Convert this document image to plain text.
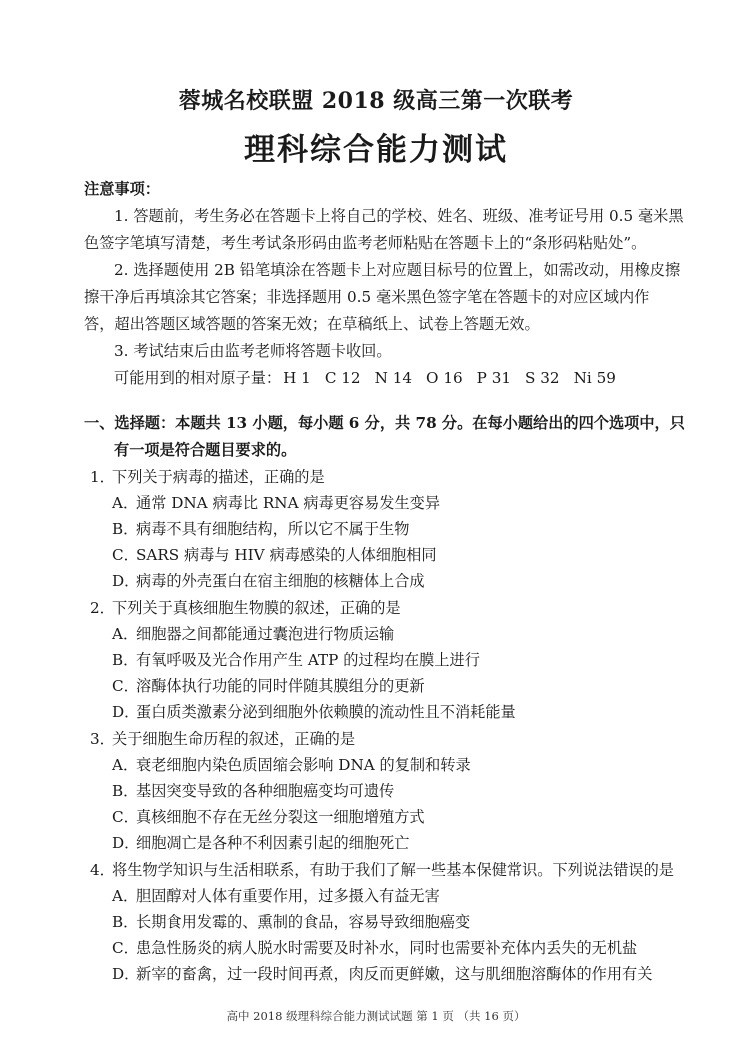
蓉城名校联盟 2018 级高三第一次联考
理科综合能力测试
注意事项：
1. 答题前，考生务必在答题卡上将自己的学校、姓名、班级、准考证号用 0.5 毫米黑
色签字笔填写清楚，考生考试条形码由监考老师粘贴在答题卡上的“条形码粘贴处”。
2. 选择题使用 2B 铅笔填涂在答题卡上对应题目标号的位置上，如需改动，用橡皮擦
擦干净后再填涂其它答案；非选择题用 0.5 毫米黑色签字笔在答题卡的对应区域内作
答，超出答题区域答题的答案无效；在草稿纸上、试卷上答题无效。
3. 考试结束后由监考老师将答题卡收回。
可能用到的相对原子量： H 1 C 12 N 14 O 16 P 31 S 32 Ni 59
一、选择题：本题共 13 小题，每小题 6 分，共 78 分。在每小题给出的四个选项中，只
有一项是符合题目要求的。
1．下列关于病毒的描述，正确的是
A．通常 DNA 病毒比 RNA 病毒更容易发生变异
B．病毒不具有细胞结构，所以它不属于生物
C．SARS 病毒与 HIV 病毒感染的人体细胞相同
D．病毒的外壳蛋白在宿主细胞的核糖体上合成
2．下列关于真核细胞生物膜的叙述，正确的是
A．细胞器之间都能通过囊泡进行物质运输
B．有氧呼吸及光合作用产生 ATP 的过程均在膜上进行
C．溶酶体执行功能的同时伴随其膜组分的更新
D．蛋白质类激素分泌到细胞外依赖膜的流动性且不消耗能量
3．关于细胞生命历程的叙述，正确的是
A．衰老细胞内染色质固缩会影响 DNA 的复制和转录
B．基因突变导致的各种细胞癌变均可遗传
C．真核细胞不存在无丝分裂这一细胞增殖方式
D．细胞凋亡是各种不利因素引起的细胞死亡
4．将生物学知识与生活相联系，有助于我们了解一些基本保健常识。下列说法错误的是
A．胆固醇对人体有重要作用，过多摄入有益无害
B．长期食用发霉的、熏制的食品，容易导致细胞癌变
C．患急性肠炎的病人脱水时需要及时补水，同时也需要补充体内丢失的无机盐
D．新宰的畜禽，过一段时间再煮，肉反而更鲜嫩，这与肌细胞溶酶体的作用有关
高中 2018 级理科综合能力测试试题 第 1 页 （共 16 页）
